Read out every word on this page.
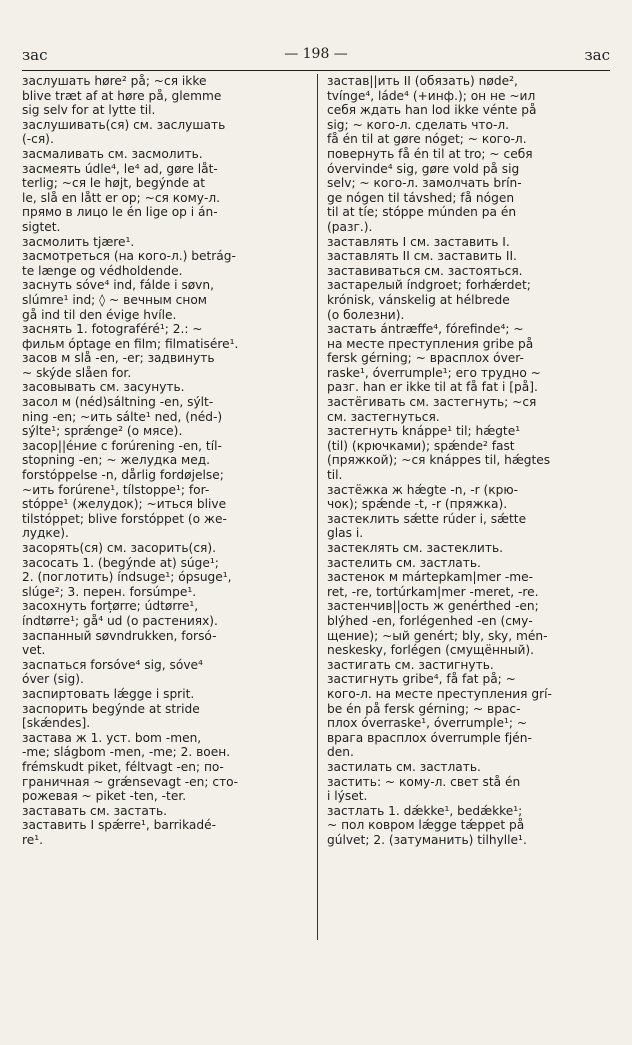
зас	— 198 —	зас
заслушать høre² på; ~ся ikke
blive træt af at høre på, glemme
sig selv for at lytte til.
заслушивать(ся) см. заслушать
(-ся).
засмаливать см. засмолить.
засмеять údle⁴, le⁴ ad, gøre låt-
terlig; ~ся le højt, begýnde at
le, slå en lått er op; ~ся кому-л.
прямо в лицо le én lige op i án-
sigtet.
засмолить tjære¹.
засмотреться (на кого-л.) betrág-
te længe og védholdende.
заснуть sóve⁴ ind, fálde i søvn,
slúmre¹ ind; ◊ ~ вечным сном
gå ind til den évige hvíle.
заснять 1. fotograféré¹; 2.: ~
фильм óptage en film; filmatisére¹.
засов м slå -en, -er; задвинуть
~ skýde slåen for.
засовывать см. засунуть.
засол м (néd)sáltning -en, sýlt-
ning -en; ~ить sálte¹ ned, (néd-)
sýlte¹; sprǽnge² (о мясе).
засор||éние с forúrening -en, tíl-
stopning -en; ~ желудка мед.
forstóppelse -n, dårlig fordøjelse;
~ить forúrene¹, tílstoppe¹; for-
stóppe¹ (желудок); ~иться blive
tilstóppet; blive forstóppet (о же-
лудке).
засорять(ся) см. засорить(ся).
засосать 1. (begýnde at) súge¹;
2. (поглотить) índsuge¹; ópsuge¹,
slúge²; 3. перен. forsúmpe¹.
засохнуть forțørre; údtørre¹,
índtørre¹; gå⁴ ud (о растениях).
заспанный søvndrukken, forsó-
vet.
заспаться forsóve⁴ sig, sóve⁴
óver (sig).
заспиртовать lǽgge i sprit.
заспорить begýnde at stride
[skǽndes].
застава ж 1. уст. bom -men,
-me; slágbom -men, -me; 2. воен.
frémskudt piket, féltvagt -en; по-
граничная ~ grǽnsevagt -en; сто-
рожевая ~ piket -ten, -ter.
заставать см. застать.
заставить I spǽrre¹, barrikadé-
re¹.
застав||ить II (обязать) nøde²,
tvínge⁴, láde⁴ (+инф.); он не ~ил
себя ждать han lod ikke vénte på
sig; ~ кого-л. сделать что-л.
få én til at gøre nóget; ~ кого-л.
повернуть få én til at tro; ~ себя
óvervinde⁴ sig, gøre vold på sig
selv; ~ кого-л. замолчать brín-
ge nógen til távshed; få nógen
til at tíe; stóppe múnden pa én
(разг.).
заставлять I см. заставить I.
заставлять II см. заставить II.
заставиваться см. застояться.
застарелый índgroet; forhǽrdet;
krónisk, vánskelig at hélbrede
(о болезни).
застать ántræffe⁴, fórefinde⁴; ~
на месте преступления gribe på
fersk gérning; ~ врасплох óver-
raske¹, óverrumple¹; его трудно ~
разг. han er ikke til at få fat i [på].
застёгивать см. застегнуть; ~ся
см. застегнуться.
застегнуть knáppe¹ til; hǽgte¹
(til) (крючками); spǽnde² fast
(пряжкой); ~ся knáppes til, hǽgtes
til.
застёжка ж hǽgte -n, -r (крю-
чок); spǽnde -t, -r (пряжка).
застеклить sǽtte rúder i, sǽtte
glas i.
застеклять см. застеклить.
застелить см. застлать.
застенок м mártерkam|mer -me-
ret, -re, tortúrkam|mer -meret, -re.
застенчив||ость ж genérthed -en;
blýhed -en, forlégenhed -en (сму-
щение); ~ый genért; bly, sky, mén-
neskesky, forlégen (смущённый).
застигать см. застигнуть.
застигнуть gribe⁴, få fat på; ~
кого-л. на месте преступления grí-
be én på fersk gérning; ~ врас-
плох óverraske¹, óverrumple¹; ~
врага врасплох óverrumple fjén-
den.
застилать см. застлать.
застить: ~ кому-л. свет stå én
i lýset.
застлать 1. dǽkke¹, bedǽkke¹;
~ пол ковром lǽgge tǽppet på
gúlvet; 2. (затуманить) tilhylle¹.
